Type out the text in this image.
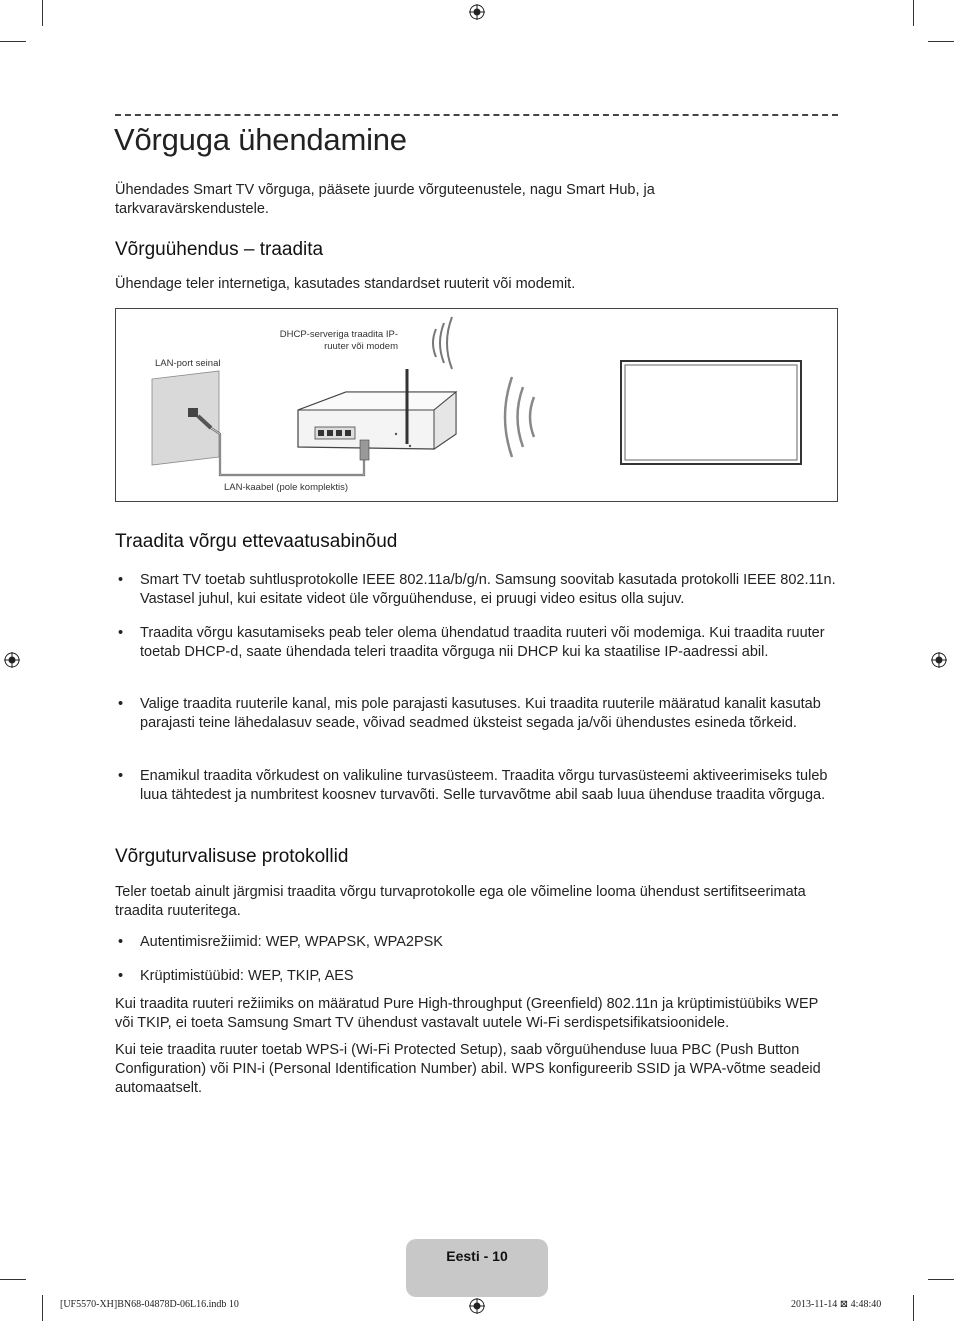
Võrguga ühendamine

Ühendades Smart TV võrguga, pääsete juurde võrguteenustele, nagu Smart Hub, ja tarkvaravärskendustele.

Võrguühendus – traadita

Ühendage teler internetiga, kasutades standardset ruuterit või modemit.

LAN-port seinal
DHCP-serveriga traadita IP-ruuter või modem
LAN-kaabel (pole komplektis)
Traadita võrgu ettevaatusabinõud
• Smart TV toetab suhtlusprotokolle IEEE 802.11a/b/g/n. Samsung soovitab kasutada protokolli IEEE 802.11n. Vastasel juhul, kui esitate videot üle võrguühenduse, ei pruugi video esitus olla sujuv.
• Traadita võrgu kasutamiseks peab teler olema ühendatud traadita ruuteri või modemiga. Kui traadita ruuter toetab DHCP-d, saate ühendada teleri traadita võrguga nii DHCP kui ka staatilise IP-aadressi abil.
• Valige traadita ruuterile kanal, mis pole parajasti kasutuses. Kui traadita ruuterile määratud kanalit kasutab parajasti teine lähedalasuv seade, võivad seadmed üksteist segada ja/või ühendustes esineda tõrkeid.
• Enamikul traadita võrkudest on valikuline turvasüsteem. Traadita võrgu turvasüsteemi aktiveerimiseks tuleb luua tähtedest ja numbritest koosnev turvavõti. Selle turvavõtme abil saab luua ühenduse traadita võrguga.
Võrguturvalisuse protokollid

Teler toetab ainult järgmisi traadita võrgu turvaprotokolle ega ole võimeline looma ühendust sertifitseerimata traadita ruuteritega.

• Autentimisrežiimid: WEP, WPAPSK, WPA2PSK
• Krüptimistüübid: WEP, TKIP, AES

Kui traadita ruuteri režiimiks on määratud Pure High-throughput (Greenfield) 802.11n ja krüptimistüübiks WEP või TKIP, ei toeta Samsung Smart TV ühendust vastavalt uutele Wi-Fi serdispetsifikatsioonidele.

Kui teie traadita ruuter toetab WPS-i (Wi-Fi Protected Setup), saab võrguühenduse luua PBC (Push Button Configuration) või PIN-i (Personal Identification Number) abil. WPS konfigureerib SSID ja WPA-võtme seadeid automaatselt.

Eesti - 10
[UF5570-XH]BN68-04878D-06L16.indb 10	2013-11-14 ⊠ 4:48:40
